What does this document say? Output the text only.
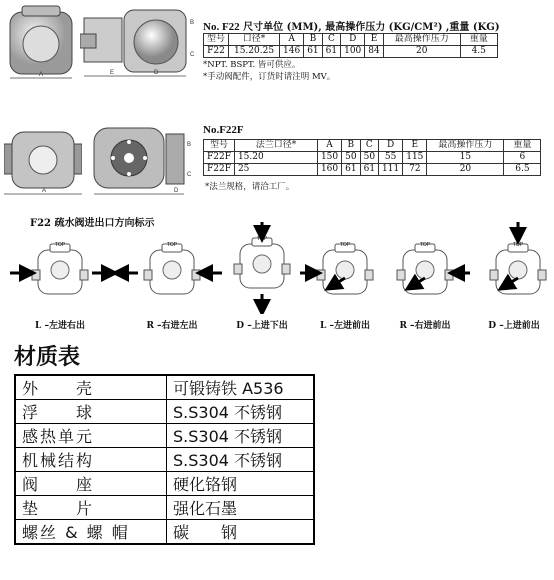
A
B
C
E	D
No. F22 尺寸单位 (MM), 最高操作压力 (KG/CM²) ,重量 (KG)
型号	口径*	A	B	C	D	E	最高操作压力	重量
F22	15.20.25	146	61	61	100	84	20	4.5
*NPT. BSPT. 皆可供应。
*手动阀配件，订货时请注明 MV。
A
B
C
D
No.F22F
型号	法兰口径*	A	B	C	D	E	最高操作压力	重量
F22F	15.20	150	50	50	55	115	15	6
F22F	25	160	61	61	111	72	20	6.5
*法兰规格，请洽工厂。
F22 疏水阀进出口方向标示
TOP	TOP
TOP
TOP	TOP	TOP
L –左进右出	R –右进左出	D –上进下出	L –左进前出	R –右进前出	D –上进前出
材质表
外　　壳	可锻铸铁 A536
浮　　球	S.S304 不锈钢
感热单元	S.S304 不锈钢
机械结构	S.S304 不锈钢
阀　　座	硬化铬钢
垫　　片	强化石墨
螺丝 & 螺 帽	碳　　钢
